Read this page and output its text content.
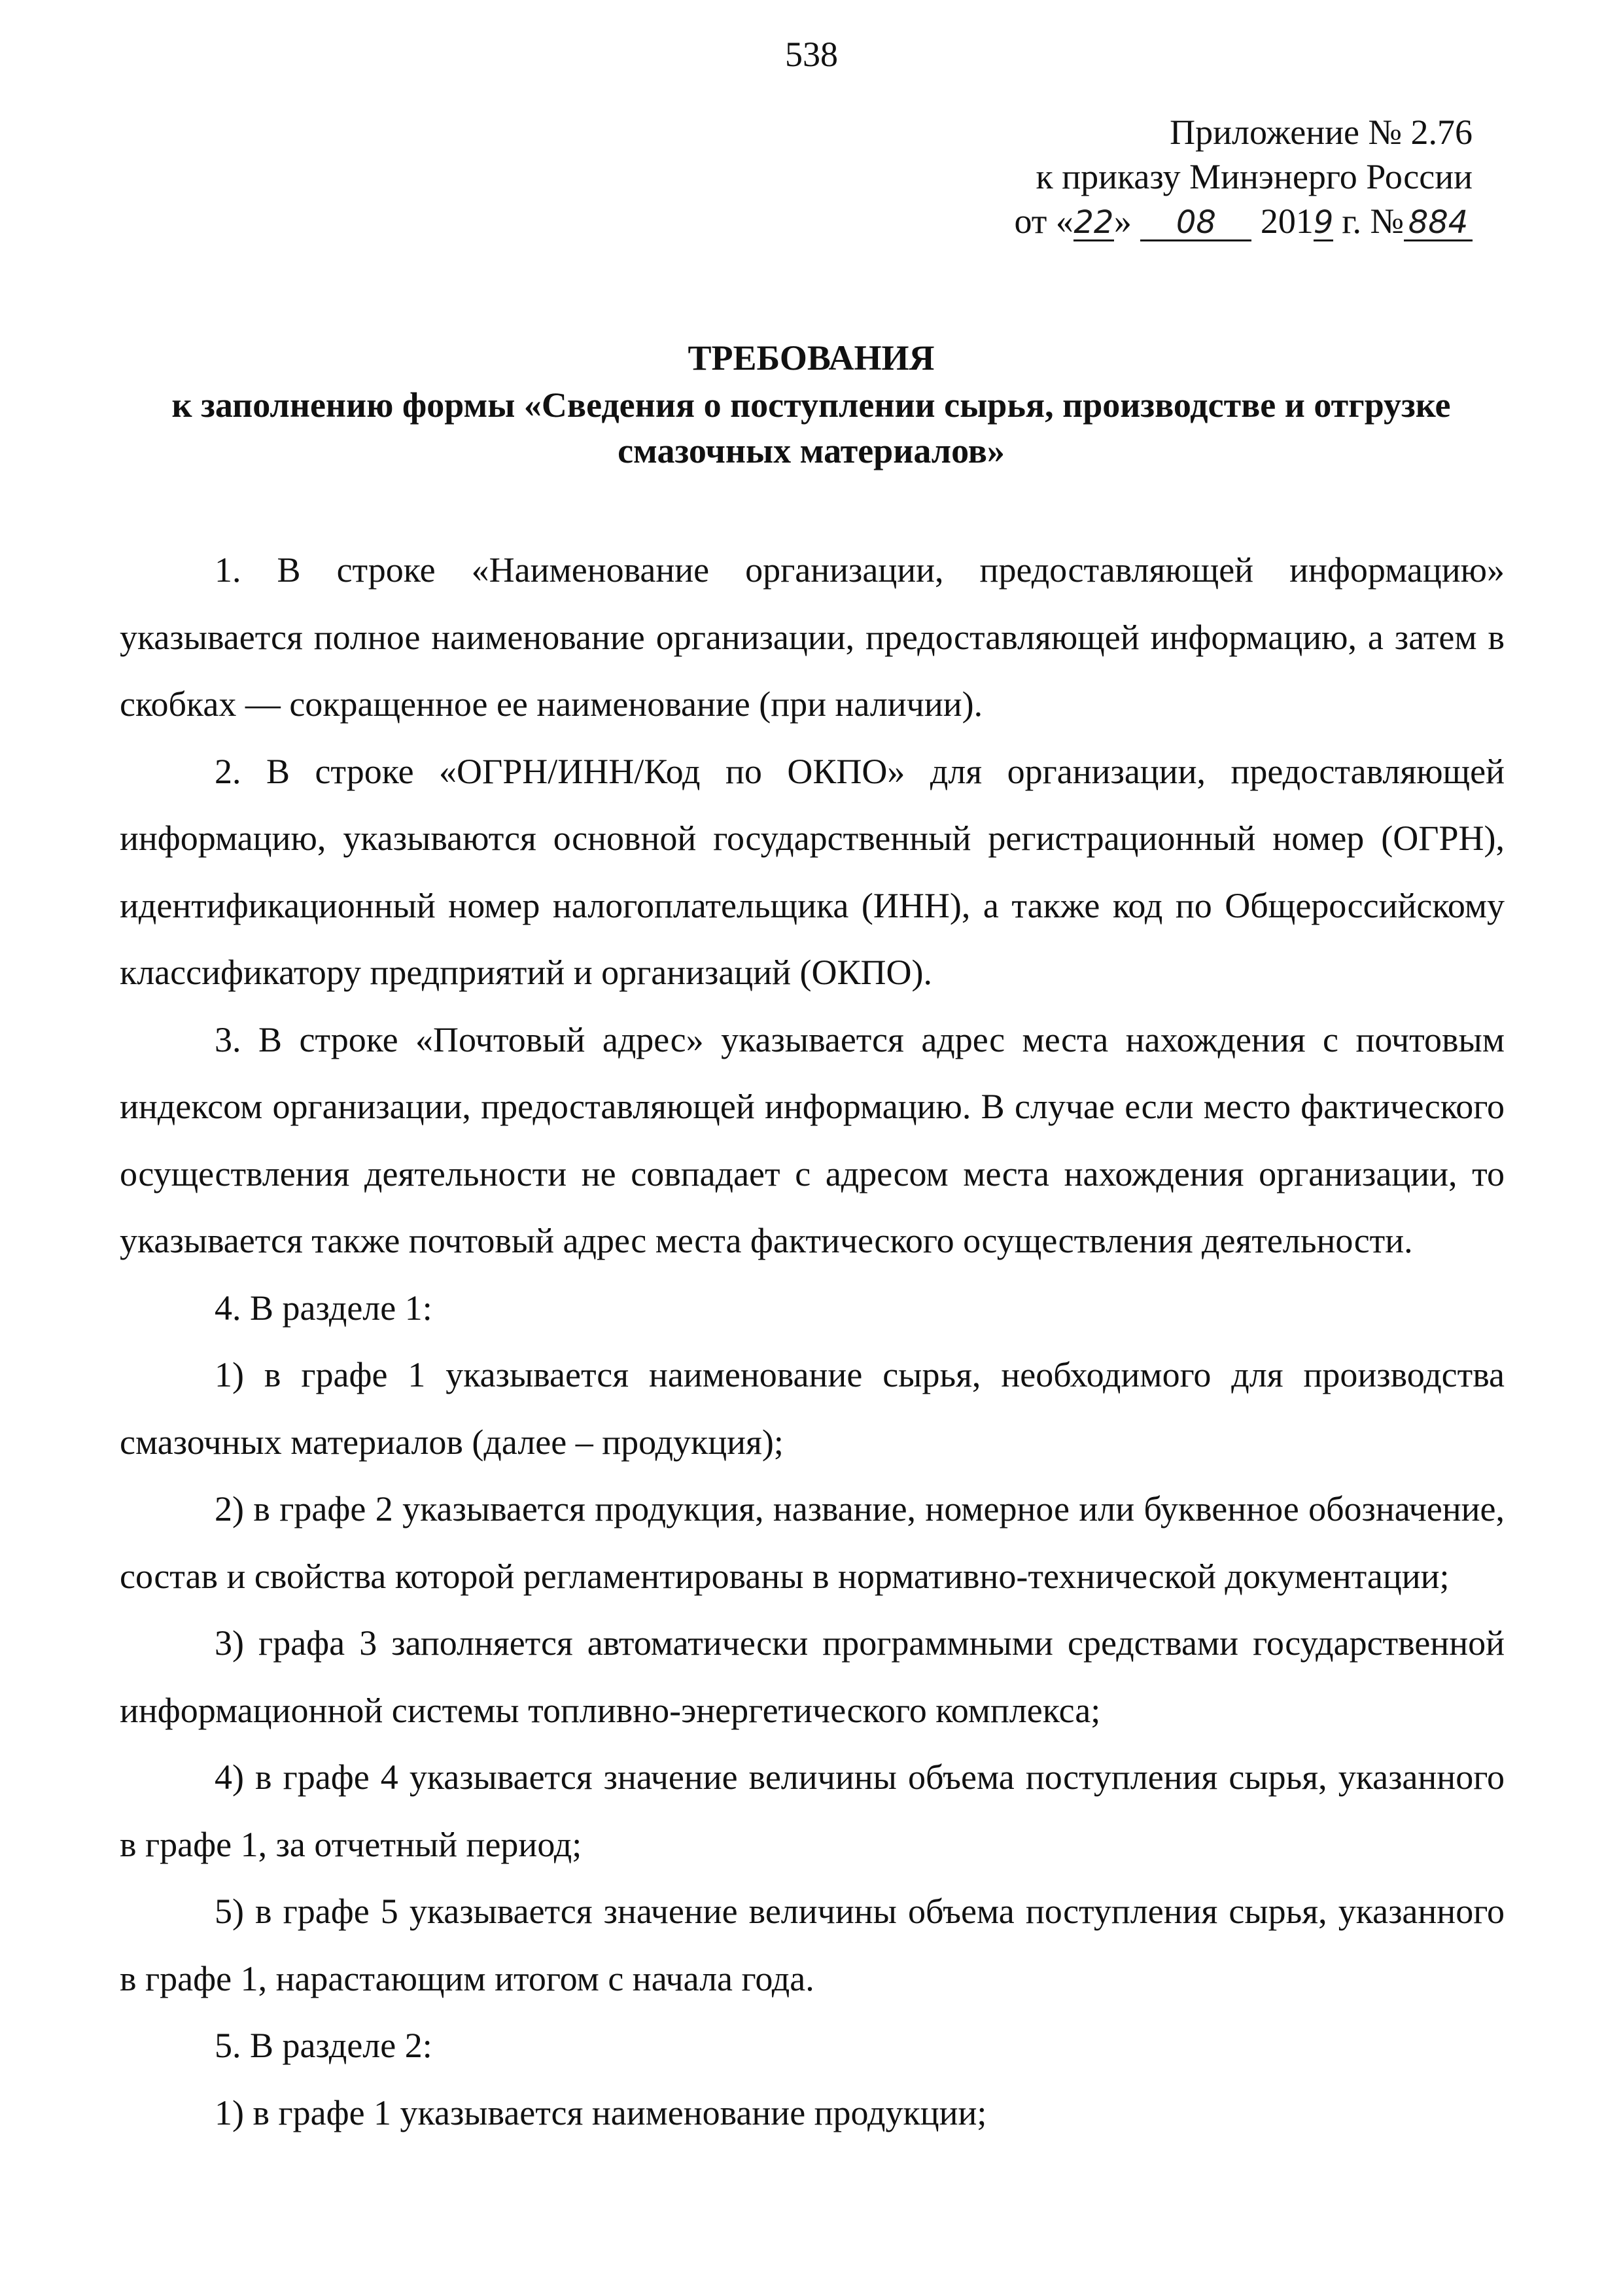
538
Приложение № 2.76
к приказу Минэнерго России
от «22» 08 2019 г. № 884
ТРЕБОВАНИЯ
к заполнению формы «Сведения о поступлении сырья, производстве и отгрузке смазочных материалов»

1. В строке «Наименование организации, предоставляющей информацию» указывается полное наименование организации, предоставляющей информацию, а затем в скобках — сокращенное ее наименование (при наличии).

2. В строке «ОГРН/ИНН/Код по ОКПО» для организации, предоставляющей информацию, указываются основной государственный регистрационный номер (ОГРН), идентификационный номер налогоплательщика (ИНН), а также код по Общероссийскому классификатору предприятий и организаций (ОКПО).

3. В строке «Почтовый адрес» указывается адрес места нахождения с почтовым индексом организации, предоставляющей информацию. В случае если место фактического осуществления деятельности не совпадает с адресом места нахождения организации, то указывается также почтовый адрес места фактического осуществления деятельности.

4. В разделе 1:

1) в графе 1 указывается наименование сырья, необходимого для производства смазочных материалов (далее – продукция);

2) в графе 2 указывается продукция, название, номерное или буквенное обозначение, состав и свойства которой регламентированы в нормативно-технической документации;

3) графа 3 заполняется автоматически программными средствами государственной информационной системы топливно-энергетического комплекса;

4) в графе 4 указывается значение величины объема поступления сырья, указанного в графе 1, за отчетный период;

5) в графе 5 указывается значение величины объема поступления сырья, указанного в графе 1, нарастающим итогом с начала года.

5. В разделе 2:

1) в графе 1 указывается наименование продукции;
